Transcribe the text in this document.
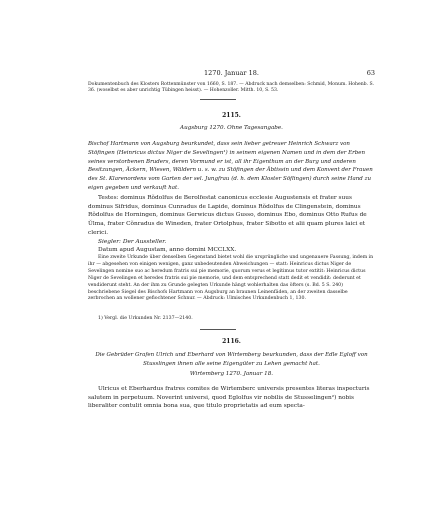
1270. Januar 18.	63
Dokumentenbuch des Klosters Rottenmünster von 1660, S. 187. — Abdruck nach demselben: Schmid, Monum. Hohenb. S. 36. (woselbst es aber unrichtig Tübingen heisst). — Hohenzoller. Mitth. 10, S. 53.
2115.
Augsburg 1270. Ohne Tagesangabe.
Bischof Hartmann von Augsburg beurkundet, dass sein lieber getreuer Heinrich Schwarz von Stöfingen (Heinricus dictus Niger de Sevelingen¹) in seinem eigenen Namen und in dem der Erben seines verstorbenen Bruders, deren Vormund er ist, all ihr Eigenthum an der Burg und anderen Besitzungen, Äckern, Wiesen, Wäldern u. s. w. zu Stöfingen der Äbtissin und dem Konvent der Frauen des St. Klarenordens vom Garten der sel. Jungfrau (d. h. dem Kloster Söflingen) durch seine Hand zu eigen gegeben und verkauft hat.

Testes: dominus Rŏdolfus de Berolfestat canonicus ecclesie Augustensis et frater suus dominus Sifridus, dominus Cunradus de Lapide, dominus Rŏdolfus de Clingenstein, dominus Rŏdolfus de Horningen, dominus Gerwicus dictus Gusso, dominus Ebo, dominus Otto Rufus de Ŭlma, frater Cŏnradus de Wineden, frater Ortolphus, frater Sibotto et alii quam plures laici et clerici.

Siegler: Der Aussteller.

Datum apud Augustam, anno domini MCCLXX.

Eine zweite Urkunde über denselben Gegenstand bietet wohl die ursprüngliche und ungenauere Fassung, indem in ihr — abgesehen von einigen wenigen, ganz unbedeutenden Abweichungen — statt: Heinricus dictus Niger de Sevelingen nomine suo ac heredum fratris sui pie memorie, quorum verus et legitimus tutor extitit: Heinricus dictus Niger de Sevelingen et heredes fratris sui pie memorie, und dem entsprechend statt dedit et vendidit: dederunt et vendiderunt steht. An der ihm zu Grunde gelegten Urkunde hängt wohlerhalten das öfters (s. Bd. 5 S. 240) beschriebene Siegel des Bischofs Hartmann von Augsburg an braunen Leinenfäden, an der zweiten dasselbe zerbrochen an wollener gefiochtener Schnur. — Abdruck: Ulmisches Urkundenbuch 1, 130.
1) Vergl. die Urkunden Nr. 2137—2140.
2116.
Die Gebrüder Grafen Ulrich und Eberhard von Wirtemberg beurkunden, dass der Edle Egloff von Stusslingen ihnen alle seine Eigengüter zu Lehen gemacht hat.
Wirtemberg 1270. Januar 18.

Ulricus et Eberhardus fratres comites de Wirtemberc universis presentes literas inspecturis salutem in perpetuum. Noverint universi, quod Eglolfus vir nobilis de Stusselingen²) nobis liberaliter contulit omnia bona sua, que titulo proprietatis ad eum specta-
